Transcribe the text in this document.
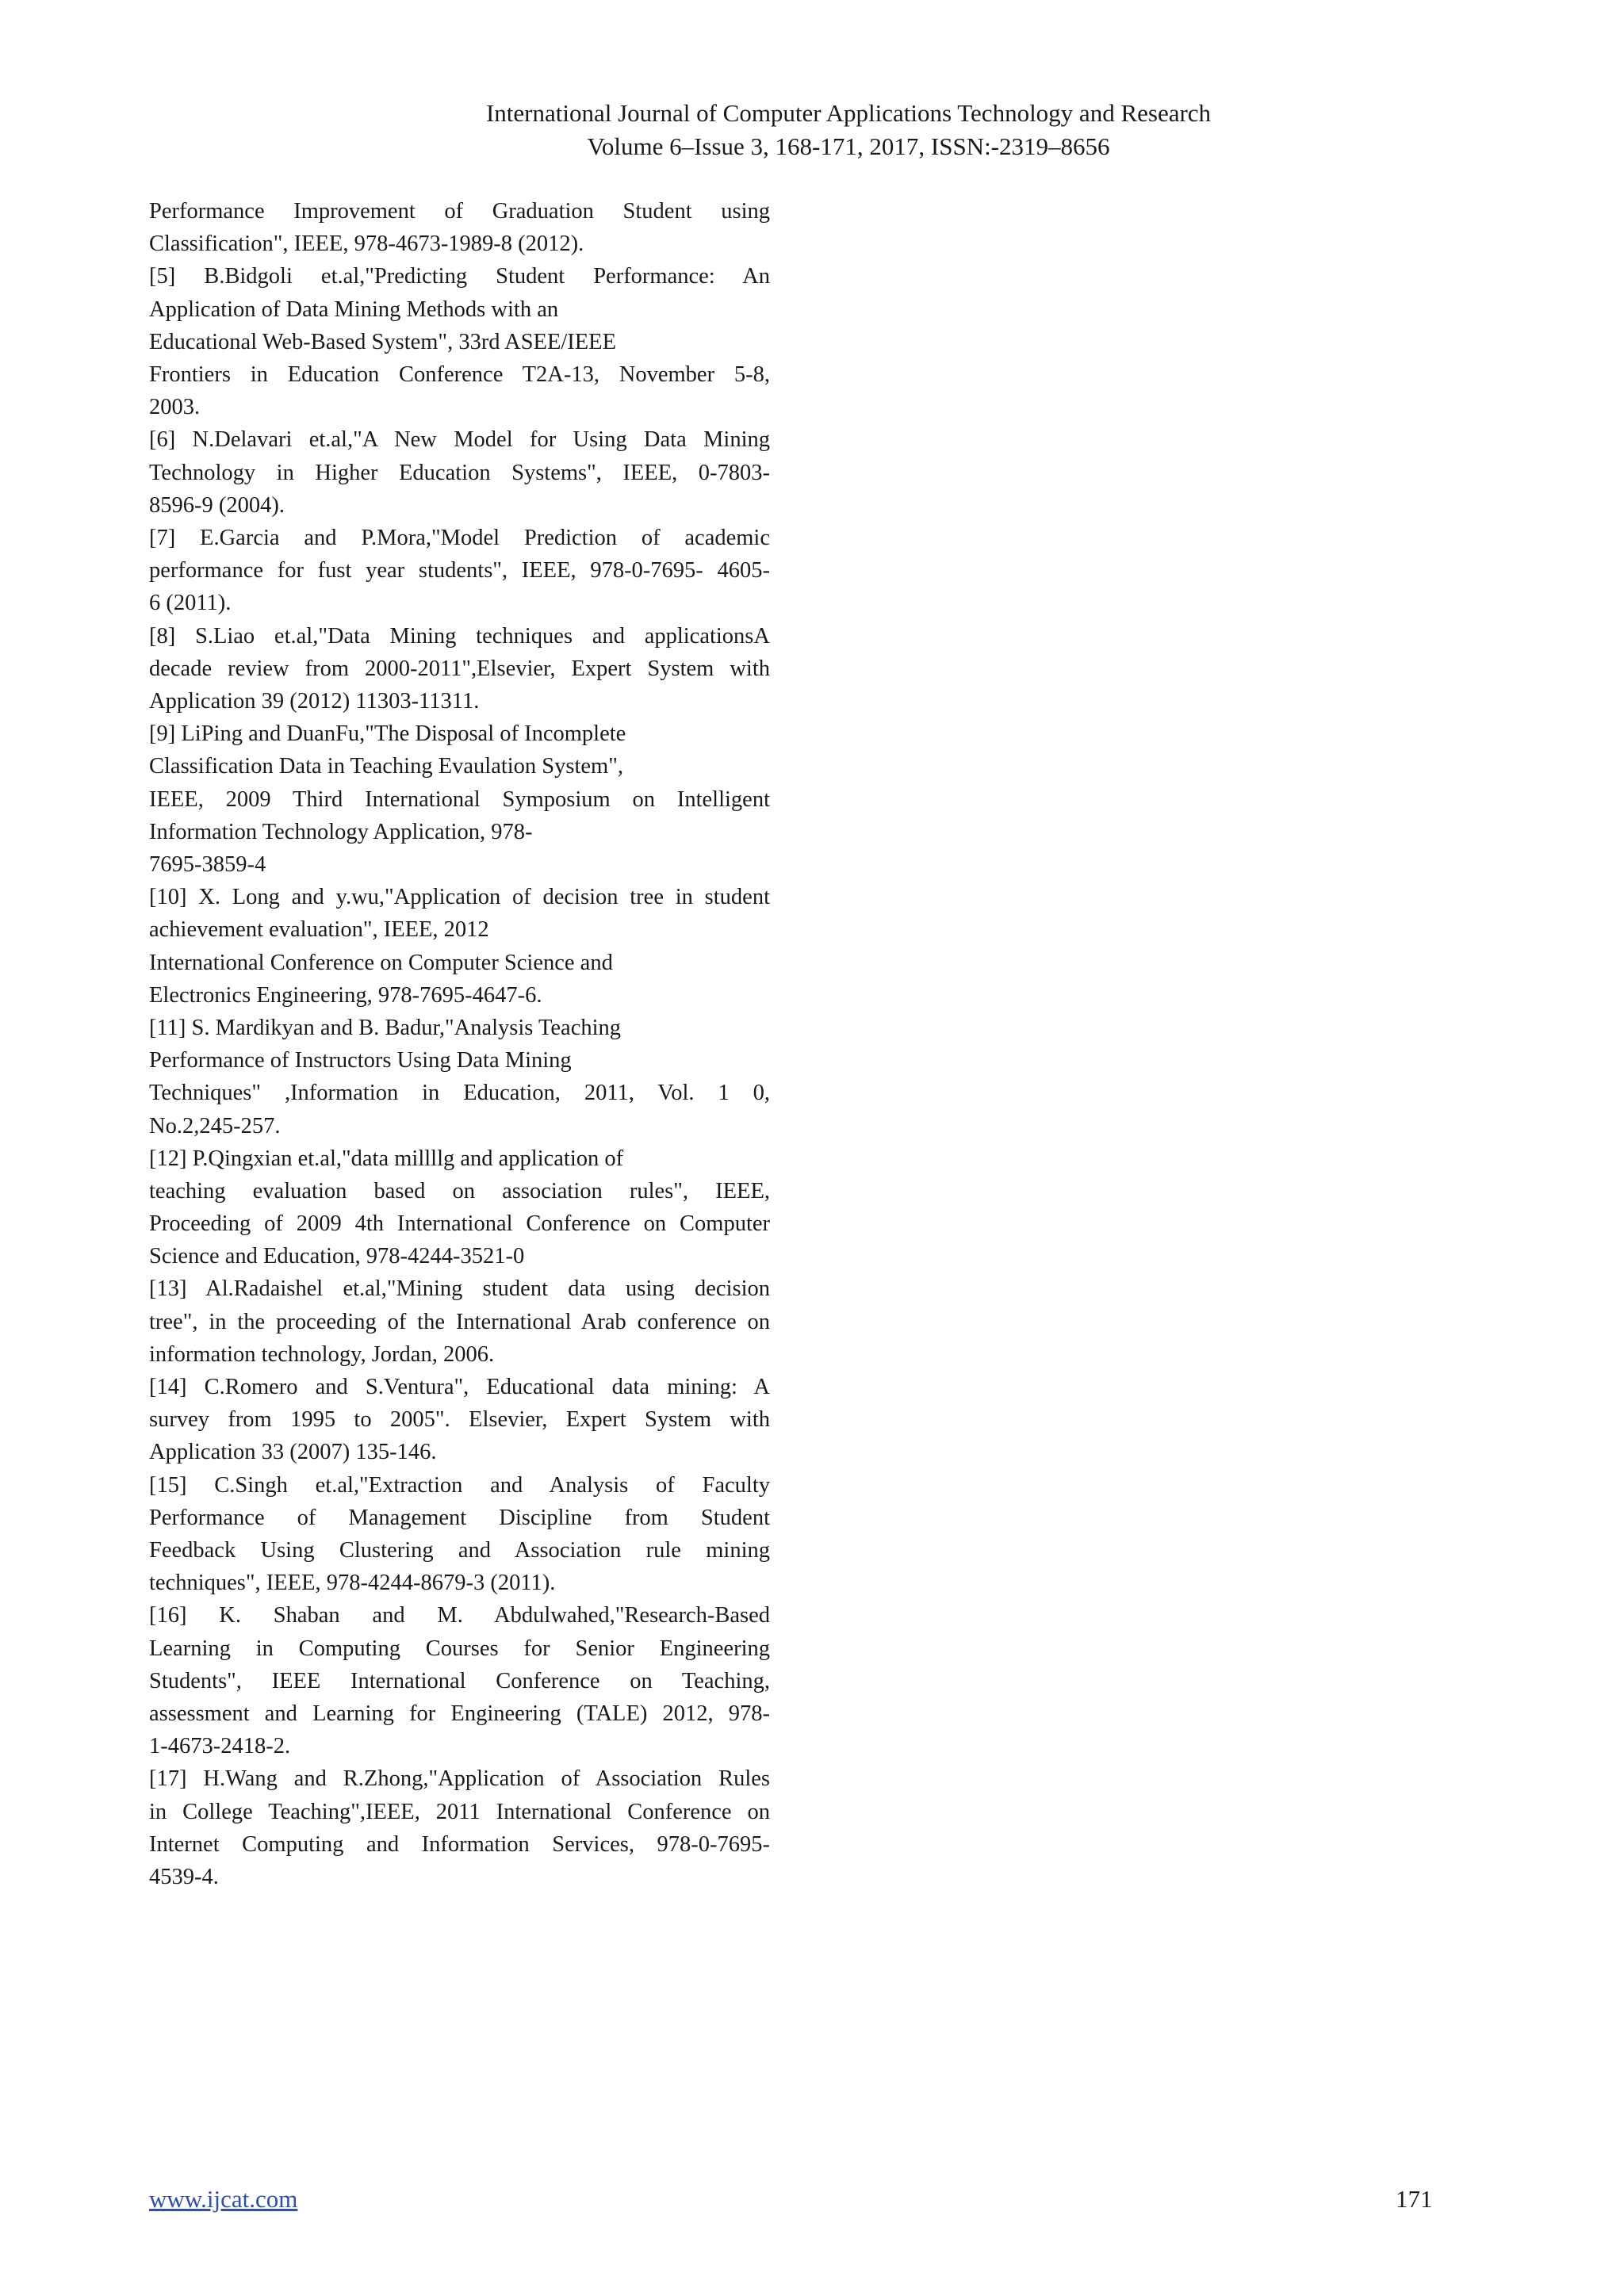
International Journal of Computer Applications Technology and Research
Volume 6–Issue 3, 168-171, 2017, ISSN:-2319–8656
Performance Improvement of Graduation Student using
Classification", IEEE, 978-4673-1989-8 (2012).
[5] B.Bidgoli et.al,"Predicting Student Performance: An
Application of Data Mining Methods with an
Educational Web-Based System", 33rd ASEE/IEEE
Frontiers in Education Conference T2A-13, November 5-8,
2003.
[6] N.Delavari et.al,"A New Model for Using Data Mining
Technology in Higher Education Systems", IEEE, 0-7803-
8596-9 (2004).
[7] E.Garcia and P.Mora,"Model Prediction of academic
performance for fust year students", IEEE, 978-0-7695- 4605-
6 (2011).
[8] S.Liao et.al,"Data Mining techniques and applicationsA
decade review from 2000-2011",Elsevier, Expert System with
Application 39 (2012) 11303-11311.
[9] LiPing and DuanFu,"The Disposal of Incomplete
Classification Data in Teaching Evaulation System",
IEEE, 2009 Third International Symposium on Intelligent
Information Technology Application, 978-
7695-3859-4
[10] X. Long and y.wu,"Application of decision tree in student
achievement evaluation", IEEE, 2012
International Conference on Computer Science and
Electronics Engineering, 978-7695-4647-6.
[11] S. Mardikyan and B. Badur,"Analysis Teaching
Performance of Instructors Using Data Mining
Techniques" ,Information in Education, 2011, Vol. 1 0,
No.2,245-257.
[12] P.Qingxian et.al,"data millllg and application of
teaching evaluation based on association rules", IEEE,
Proceeding of 2009 4th International Conference on Computer
Science and Education, 978-4244-3521-0
[13] Al.Radaishel et.al,"Mining student data using decision
tree", in the proceeding of the International Arab conference on
information technology, Jordan, 2006.
[14] C.Romero and S.Ventura", Educational data mining: A
survey from 1995 to 2005". Elsevier, Expert System with
Application 33 (2007) 135-146.
[15] C.Singh et.al,"Extraction and Analysis of Faculty
Performance of Management Discipline from Student
Feedback Using Clustering and Association rule mining
techniques", IEEE, 978-4244-8679-3 (2011).
[16] K. Shaban and M. Abdulwahed,"Research-Based
Learning in Computing Courses for Senior Engineering
Students", IEEE International Conference on Teaching,
assessment and Learning for Engineering (TALE) 2012, 978-
1-4673-2418-2.
[17] H.Wang and R.Zhong,"Application of Association Rules
in College Teaching",IEEE, 2011 International Conference on
Internet Computing and Information Services, 978-0-7695-
4539-4.
www.ijcat.com	171
